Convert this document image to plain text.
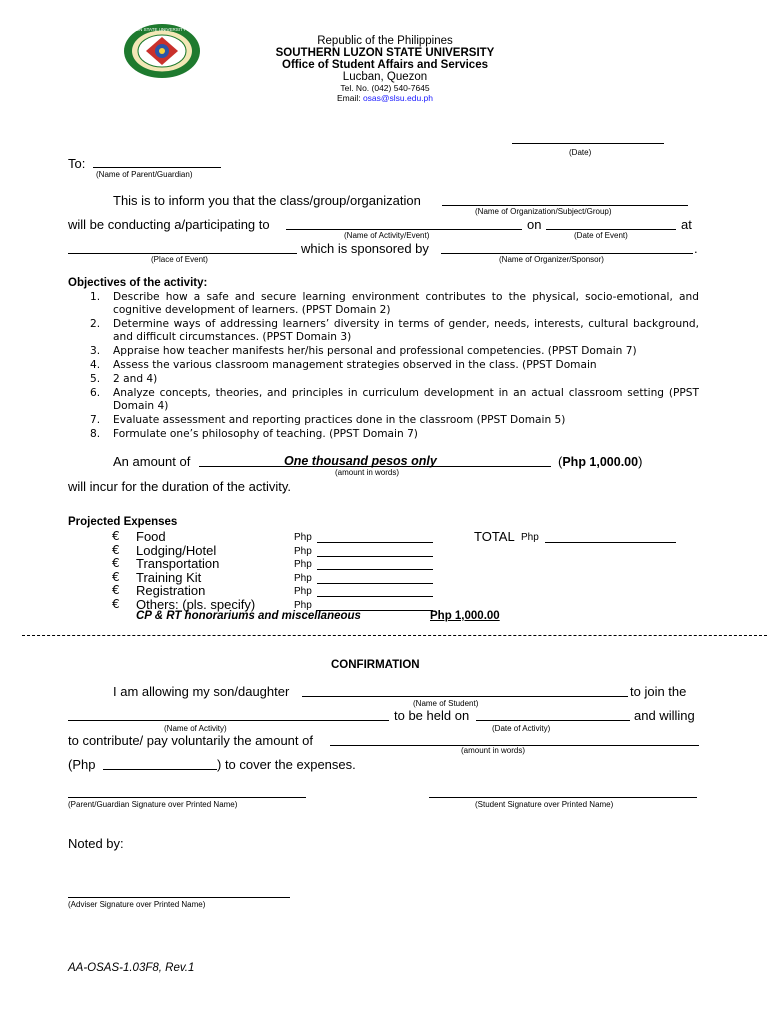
LUZON STATE UNIVERSITY 1964
Republic of the Philippines
SOUTHERN LUZON STATE UNIVERSITY
Office of Student Affairs and Services
Lucban, Quezon
Tel. No. (042) 540-7645
Email: osas@slsu.edu.ph
(Date)
To:
(Name of Parent/Guardian)
This is to inform you that the class/group/organization
(Name of Organization/Subject/Group)
will be conducting a/participating to	on	at
(Name of Activity/Event)	(Date of Event)
which is sponsored by	.
(Place of Event)	(Name of Organizer/Sponsor)
Objectives of the activity:
1.	Describe how a safe and secure learning environment contributes to the physical, socio-emotional, and cognitive development of learners. (PPST Domain 2)
2.	Determine ways of addressing learners’ diversity in terms of gender, needs, interests, cultural background, and difficult circumstances. (PPST Domain 3)
3.	Appraise how teacher manifests her/his personal and professional competencies. (PPST Domain 7)
4.	Assess the various classroom management strategies observed in the class. (PPST Domain
5.	2 and 4)
6.	Analyze concepts, theories, and principles in curriculum development in an actual classroom setting (PPST Domain 4)
7.	Evaluate assessment and reporting practices done in the classroom (PPST Domain 5)
8.	Formulate one’s philosophy of teaching. (PPST Domain 7)
An amount of	One thousand pesos only	(Php 1,000.00)
(amount in words)
will incur for the duration of the activity.
Projected Expenses
€ Food	Php	TOTAL Php
€ Lodging/Hotel	Php
€ Transportation	Php
€ Training Kit	Php
€ Registration	Php
€ Others: (pls. specify)	Php
CP & RT honorariums and miscellaneous	Php 1,000.00
CONFIRMATION
I am allowing my son/daughter	to join the
(Name of Student)
to be held on	and willing
(Name of Activity)	(Date of Activity)
to contribute/ pay voluntarily the amount of
(amount in words)
(Php	) to cover the expenses.
(Parent/Guardian Signature over Printed Name)	(Student Signature over Printed Name)
Noted by:
(Adviser Signature over Printed Name)
AA-OSAS-1.03F8, Rev.1
